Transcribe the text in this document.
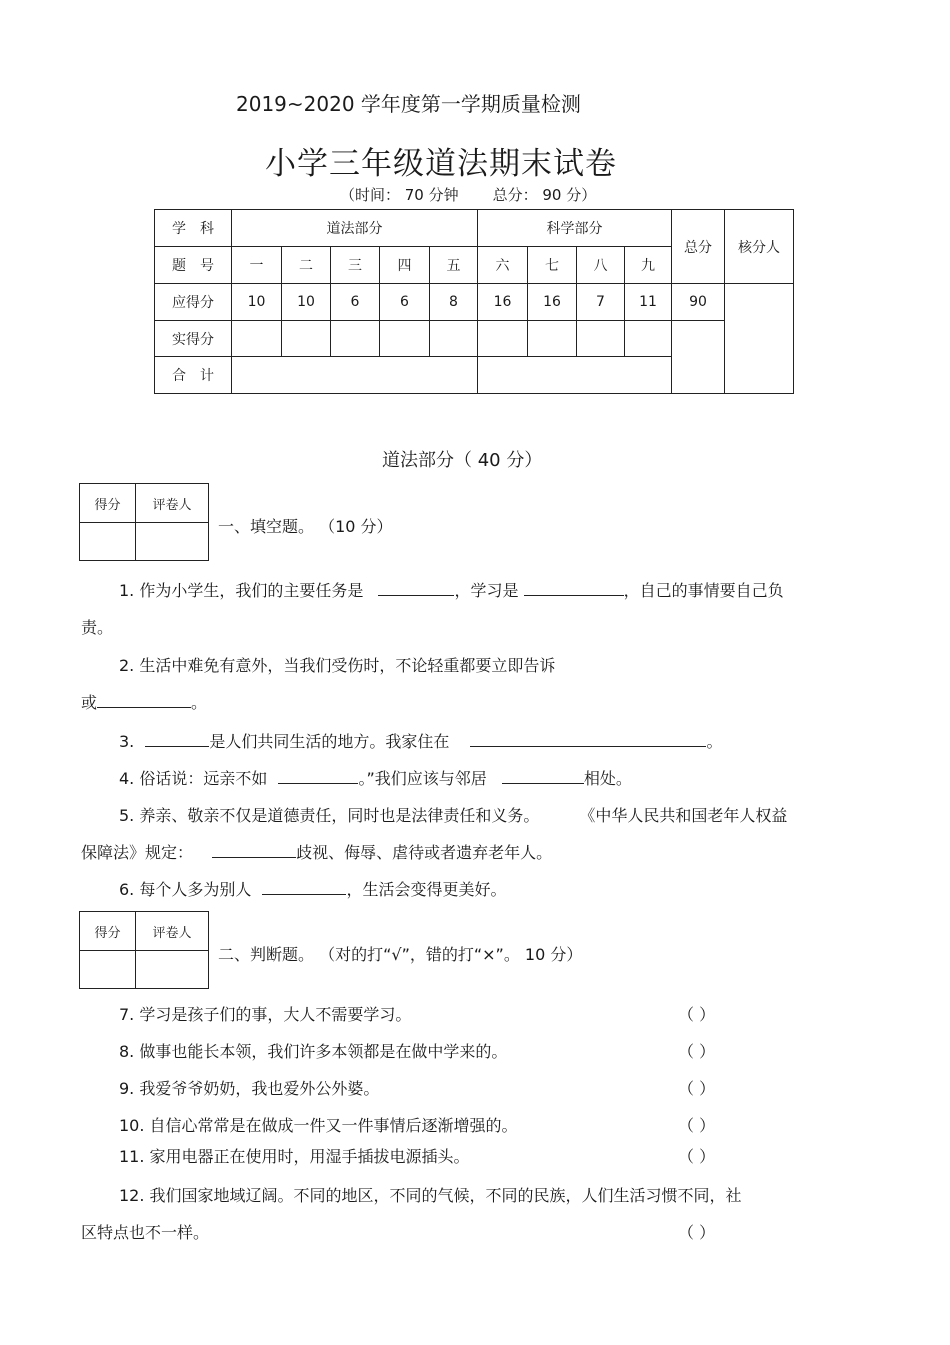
2019~2020 学年度第一学期质量检测
小学三年级道法期末试卷
（时间： 70 分钟 总分： 90 分）
学　科	道法部分					科学部分				总分	核分人
题　号	一	二	三	四	五	六	七	八	九		
应得分	10	10	6	6	8	16	16	7	11	90	
实得分											
合　计											
道法部分（ 40 分）
得分	评卷人

一、填空题。 （10 分）
1. 作为小学生，我们的主要任务是	，学习是	，自己的事情要自己负
责。
2. 生活中难免有意外，当我们受伤时，不论轻重都要立即告诉
或	。
3.	是人们共同生活的地方。我家住在	。
4. 俗话说：远亲不如	。”我们应该与邻居	相处。
5. 养亲、敬亲不仅是道德责任，同时也是法律责任和义务。	《中华人民共和国老年人权益
保障法》规定：	歧视、侮辱、虐待或者遗弃老年人。
6. 每个人多为别人	，生活会变得更美好。
得分	评卷人

二、判断题。 （对的打“√”，错的打“×”。 10 分）
7. 学习是孩子们的事，大人不需要学习。	（ ）
8. 做事也能长本领，我们许多本领都是在做中学来的。	（ ）
9. 我爱爷爷奶奶，我也爱外公外婆。	（ ）
10. 自信心常常是在做成一件又一件事情后逐渐增强的。	（ ）
11. 家用电器正在使用时，用湿手插拔电源插头。	（ ）
12. 我们国家地域辽阔。不同的地区，不同的气候，不同的民族，人们生活习惯不同，社
区特点也不一样。	（ ）
